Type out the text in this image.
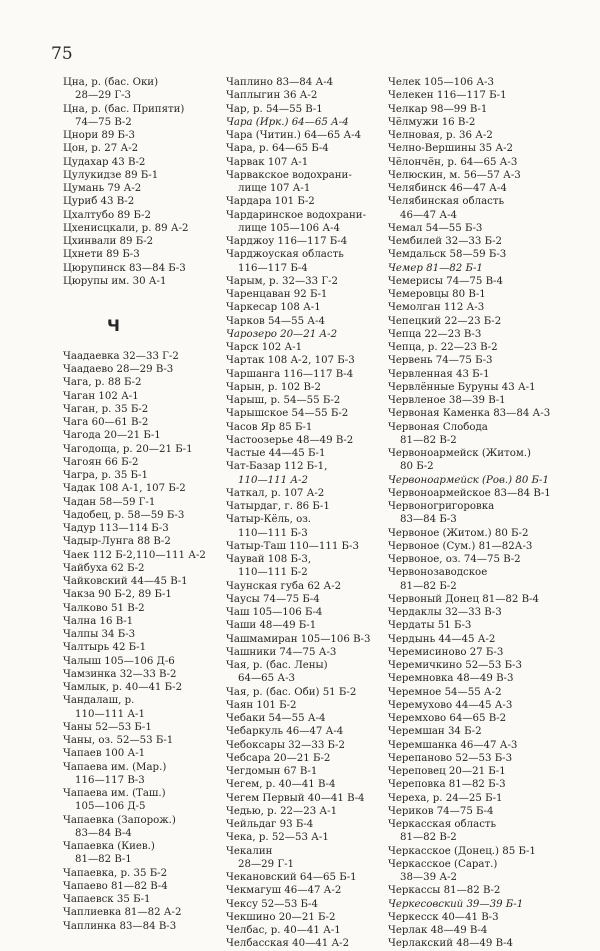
75
Цна, р. (бас. Оки)
28—29 Г-3
Цна, р. (бас. Припяти)
74—75 В-2
Цнори 89 Б-3
Цон, р. 27 А-2
Цудахар 43 В-2
Цулукидзе 89 Б-1
Цумань 79 А-2
Цуриб 43 В-2
Цхалтубо 89 Б-2
Цхенисцкали, р. 89 А-2
Цхинвали 89 Б-2
Цхнети 89 Б-3
Цюрупинск 83—84 Б-3
Цюрупы им. 30 А-1
Ч
Чаадаевка 32—33 Г-2
Чаадаево 28—29 В-3
Чага, р. 88 Б-2
Чаган 102 А-1
Чаган, р. 35 Б-2
Чага 60—61 В-2
Чагода 20—21 Б-1
Чагодоща, р. 20—21 Б-1
Чагоян 66 Б-2
Чагра, р. 35 Б-1
Чадак 108 А-1, 107 Б-2
Чадан 58—59 Г-1
Чадобец, р. 58—59 Б-3
Чадур 113—114 Б-3
Чадыр-Лунга 88 В-2
Чаек 112 Б-2,110—111 А-2
Чайбуха 62 Б-2
Чайковский 44—45 В-1
Чакза 90 Б-2, 89 Б-1
Чалково 51 В-2
Чална 16 В-1
Чалпы 34 Б-3
Чалтырь 42 Б-1
Чалыш 105—106 Д-6
Чамзинка 32—33 В-2
Чамлык, р. 40—41 Б-2
Чандалаш, р.
110—111 А-1
Чаны 52—53 Б-1
Чаны, оз. 52—53 Б-1
Чапаев 100 А-1
Чапаева им. (Мар.)
116—117 В-3
Чапаева им. (Таш.)
105—106 Д-5
Чапаевка (Запорож.)
83—84 В-4
Чапаевка (Киев.)
81—82 В-1
Чапаевка, р. 35 Б-2
Чапаево 81—82 В-4
Чапаевск 35 Б-1
Чаплиевка 81—82 А-2
Чаплинка 83—84 В-3
Чаплино 83—84 А-4
Чаплыгин 36 А-2
Чар, р. 54—55 В-1
Чара (Ирк.) 64—65 А-4
Чара (Читин.) 64—65 А-4
Чара, р. 64—65 Б-4
Чарвак 107 А-1
Чарвакское водохрани-
лище 107 А-1
Чардара 101 Б-2
Чардаринское водохрани-
лище 105—106 А-4
Чарджоу 116—117 Б-4
Чарджоуская область
116—117 Б-4
Чарым, р. 32—33 Г-2
Чаренцаван 92 Б-1
Чаркесар 108 А-1
Чарков 54—55 А-4
Чарозеро 20—21 А-2
Чарск 102 А-1
Чартак 108 А-2, 107 Б-3
Чаршанга 116—117 В-4
Чарын, р. 102 В-2
Чарыш, р. 54—55 Б-2
Чарышское 54—55 Б-2
Часов Яр 85 Б-1
Частоозерье 48—49 В-2
Частые 44—45 Б-1
Чат-Базар 112 Б-1,
110—111 А-2
Чаткал, р. 107 А-2
Чатырдаг, г. 86 Б-1
Чатыр-Кёль, оз.
110—111 Б-3
Чатыр-Таш 110—111 Б-3
Чаувай 108 Б-3,
110—111 Б-2
Чаунская губа 62 А-2
Чаусы 74—75 Б-4
Чаш 105—106 Б-4
Чаши 48—49 Б-1
Чашмамиран 105—106 В-3
Чашники 74—75 А-3
Чая, р. (бас. Лены)
64—65 А-3
Чая, р. (бас. Оби) 51 Б-2
Чаян 101 Б-2
Чебаки 54—55 А-4
Чебаркуль 46—47 А-4
Чебоксары 32—33 Б-2
Чебсара 20—21 Б-2
Чегдомын 67 В-1
Чегем, р. 40—41 В-4
Чегем Первый 40—41 В-4
Чедью, р. 22—23 А-1
Чейльдаг 93 Б-4
Чека, р. 52—53 А-1
Чекалин
28—29 Г-1
Чекановский 64—65 Б-1
Чекмагуш 46—47 А-2
Чексу 52—53 Б-4
Чекшино 20—21 Б-2
Челбас, р. 40—41 А-1
Челбасская 40—41 А-2
Челек 105—106 А-3
Челекен 116—117 Б-1
Челкар 98—99 В-1
Чёлмужи 16 В-2
Челновая, р. 36 А-2
Челно-Вершины 35 А-2
Чёлончён, р. 64—65 А-3
Челюскин, м. 56—57 А-3
Челябинск 46—47 А-4
Челябинская область
46—47 А-4
Чемал 54—55 Б-3
Чембилей 32—33 Б-2
Чемдальск 58—59 Б-3
Чемер 81—82 Б-1
Чемерисы 74—75 В-4
Чемеровцы 80 В-1
Чемолган 112 А-3
Чепецкий 22—23 Б-2
Чепца 22—23 В-3
Чепца, р. 22—23 В-2
Червень 74—75 Б-3
Червленная 43 Б-1
Червлённые Буруны 43 А-1
Червленое 38—39 В-1
Червоная Каменка 83—84 А-3
Червоная Слобода
81—82 В-2
Червоноармейск (Житом.)
80 Б-2
Червоноармейск (Ров.) 80 Б-1
Червоноармейское 83—84 В-1
Червоногригоровка
83—84 Б-3
Червоное (Житом.) 80 Б-2
Червоное (Сум.) 81—82А-3
Червоное, оз. 74—75 В-2
Червонозаводское
81—82 Б-2
Червоный Донец 81—82 В-4
Чердаклы 32—33 В-3
Чердаты 51 Б-3
Чердынь 44—45 А-2
Черемисиново 27 Б-3
Черемичкино 52—53 Б-3
Черемновка 48—49 В-3
Черемное 54—55 А-2
Черемухово 44—45 А-3
Черемхово 64—65 В-2
Черемшан 34 Б-2
Черемшанка 46—47 А-3
Черепаново 52—53 Б-3
Череповец 20—21 Б-1
Череповка 81—82 Б-3
Череха, р. 24—25 Б-1
Чериков 74—75 Б-4
Черкасская область
81—82 В-2
Черкасское (Донец.) 85 Б-1
Черкасское (Сарат.)
38—39 А-2
Черкассы 81—82 В-2
Черкесовский 39—39 Б-1
Черкесск 40—41 В-3
Черлак 48—49 В-4
Черлакский 48—49 В-4
